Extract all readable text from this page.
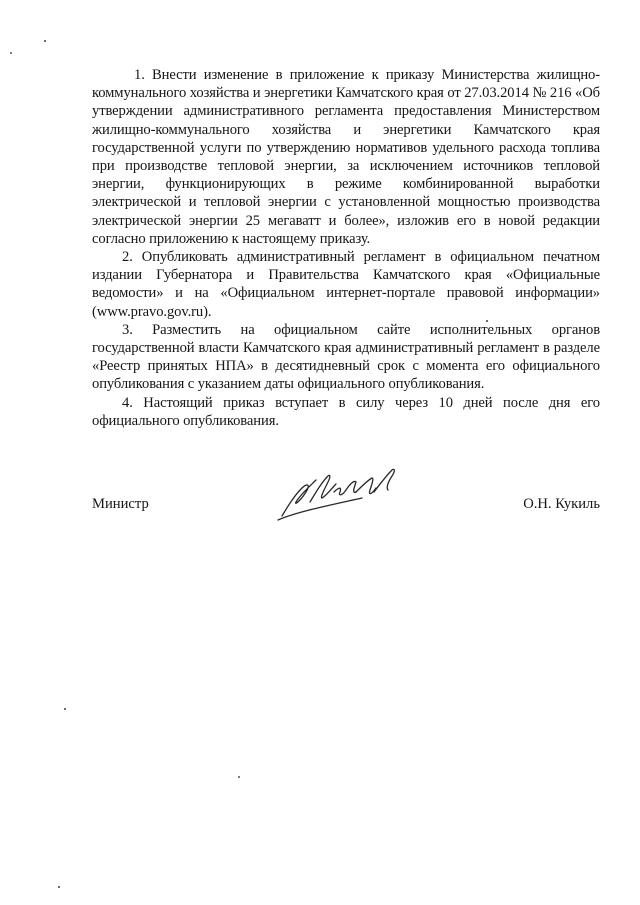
1. Внести изменение в приложение к приказу Министерства жилищно-коммунального хозяйства и энергетики Камчатского края от 27.03.2014 № 216 «Об утверждении административного регламента предоставления Министерством жилищно-коммунального хозяйства и энергетики Камчатского края государственной услуги по утверждению нормативов удельного расхода топлива при производстве тепловой энергии, за исключением источников тепловой энергии, функционирующих в режиме комбинированной выработки электрической и тепловой энергии с установленной мощностью производства электрической энергии 25 мегаватт и более», изложив его в новой редакции согласно приложению к настоящему приказу.

2. Опубликовать административный регламент в официальном печатном издании Губернатора и Правительства Камчатского края «Официальные ведомости» и на «Официальном интернет-портале правовой информации» (www.pravo.gov.ru).

3. Разместить на официальном сайте исполнительных органов государственной власти Камчатского края административный регламент в разделе «Реестр принятых НПА» в десятидневный срок с момента его официального опубликования с указанием даты официального опубликования.

4. Настоящий приказ вступает в силу через 10 дней после дня его официального опубликования.

Министр	О.Н. Кукиль
